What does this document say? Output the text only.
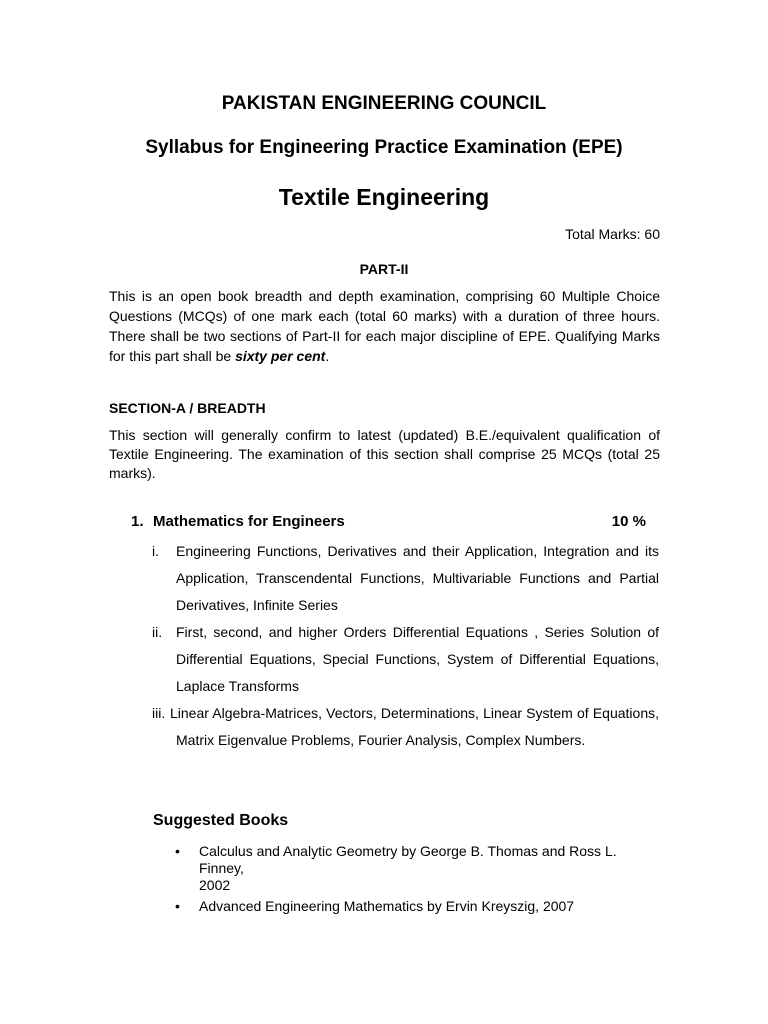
PAKISTAN ENGINEERING COUNCIL
Syllabus for Engineering Practice Examination (EPE)
Textile Engineering
Total Marks: 60
PART-II
This is an open book breadth and depth examination, comprising 60 Multiple Choice Questions (MCQs) of one mark each (total 60 marks) with a duration of three hours. There shall be two sections of Part-II for each major discipline of EPE. Qualifying Marks for this part shall be sixty per cent.
SECTION-A / BREADTH
This section will generally confirm to latest (updated) B.E./equivalent qualification of Textile Engineering. The examination of this section shall comprise 25 MCQs (total 25 marks).
1. Mathematics for Engineers	10 %
i. Engineering Functions, Derivatives and their Application, Integration and its Application, Transcendental Functions, Multivariable Functions and Partial Derivatives, Infinite Series
ii. First, second, and higher Orders Differential Equations , Series Solution of Differential Equations, Special Functions, System of Differential Equations, Laplace Transforms
iii. Linear Algebra-Matrices, Vectors, Determinations, Linear System of Equations, Matrix Eigenvalue Problems, Fourier Analysis, Complex Numbers.
Suggested Books
• Calculus and Analytic Geometry by George B. Thomas and Ross L.
Finney,
2002
• Advanced Engineering Mathematics by Ervin Kreyszig, 2007
